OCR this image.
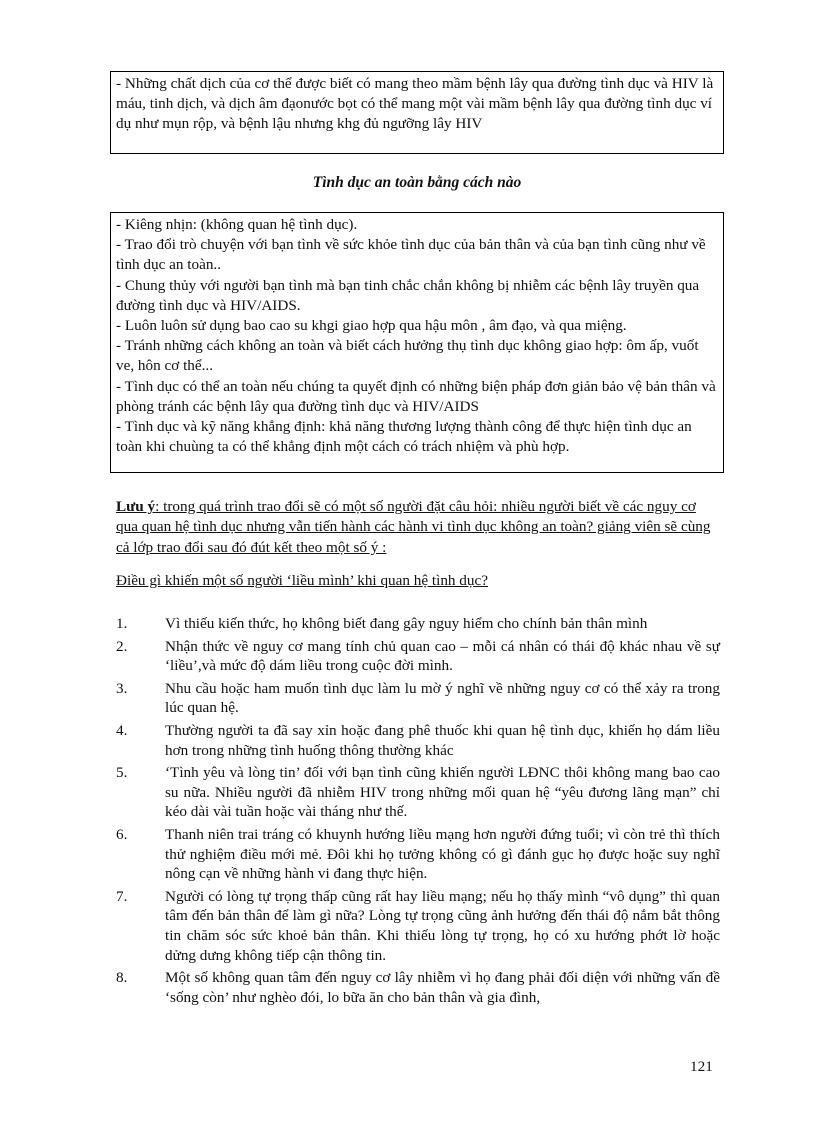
- Những chất dịch của cơ thể được biết có mang theo mầm bệnh lây qua đường tình dục và HIV là máu, tinh dịch, và dịch âm đạonước bọt có thể mang một vài mầm bệnh lây qua đường tình dục ví dụ như mụn rộp, và bệnh lậu nhưng khg đủ ngưỡng lây HIV

Tình dục an toàn bằng cách nào

- Kiêng nhịn: (không quan hệ tình dục).

- Trao đổi trò chuyện với bạn tình về sức khỏe tình dục của bản thân và của bạn tình cũng như về tình dục an toàn..

- Chung thủy với người bạn tình mà bạn tinh chắc chắn không bị nhiễm các bệnh lây truyền qua đường tình dục và HIV/AIDS.

- Luôn luôn sử dụng bao cao su khgi giao hợp qua hậu môn , âm đạo, và qua miệng.

- Tránh những cách không an toàn và biết cách hưởng thụ tình dục không giao hợp: ôm ấp, vuốt ve, hôn cơ thể...

- Tình dục có thể an toàn nếu chúng ta quyết định có những biện pháp đơn giản bảo vệ bản thân và phòng tránh các bệnh lây qua đường tình dục và HIV/AIDS

- Tình dục và kỹ năng khẳng định: khả năng thương lượng thành công để thực hiện tình dục an toàn khi chuùng ta có thể khẳng định một cách có trách nhiệm và phù hợp.

Lưu ý: trong quá trình trao đổi sẽ có một số người đặt câu hỏi: nhiều người biết về các nguy cơ qua quan hệ tình dục nhưng vẫn tiến hành các hành vi tình dục không an toàn? giảng viên sẽ cùng cả lớp trao đổi sau đó đút kết theo một số ý :
Điều gì khiến một số người ‘liều mình’ khi quan hệ tình dục?
1.	Vì thiếu kiến thức, họ không biết đang gây nguy hiểm cho chính bản thân mình
2.	Nhận thức về nguy cơ mang tính chủ quan cao – mỗi cá nhân có thái độ khác nhau về sự ‘liều’,và mức độ dám liều trong cuộc đời mình.
3.	Nhu cầu hoặc ham muốn tình dục làm lu mờ ý nghĩ về những nguy cơ có thể xảy ra trong lúc quan hệ.
4.	Thường người ta đã say xỉn hoặc đang phê thuốc khi quan hệ tình dục, khiến họ dám liều hơn trong những tình huống thông thường khác
5.	‘Tình yêu và lòng tin’ đối với bạn tình cũng khiến người LĐNC thôi không mang bao cao su nữa. Nhiều người đã nhiễm HIV trong những mối quan hệ “yêu đương lãng mạn” chỉ kéo dài vài tuần hoặc vài tháng như thế.
6.	Thanh niên trai tráng có khuynh hướng liều mạng hơn người đứng tuổi; vì còn trẻ thì thích thử nghiệm điều mới mẻ. Đôi khi họ tưởng không có gì đánh gục họ được hoặc suy nghĩ nông cạn về những hành vi đang thực hiện.
7.	Người có lòng tự trọng thấp cũng rất hay liều mạng; nếu họ thấy mình “vô dụng” thì quan tâm đến bản thân để làm gì nữa? Lòng tự trọng cũng ảnh hưởng đến thái độ nắm bắt thông tin chăm sóc sức khoẻ bản thân. Khi thiếu lòng tự trọng, họ có xu hướng phớt lờ hoặc dửng dưng không tiếp cận thông tin.
8.	Một số không quan tâm đến nguy cơ lây nhiễm vì họ đang phải đối diện với những vấn đề ‘sống còn’ như nghèo đói, lo bữa ăn cho bản thân và gia đình,
121
